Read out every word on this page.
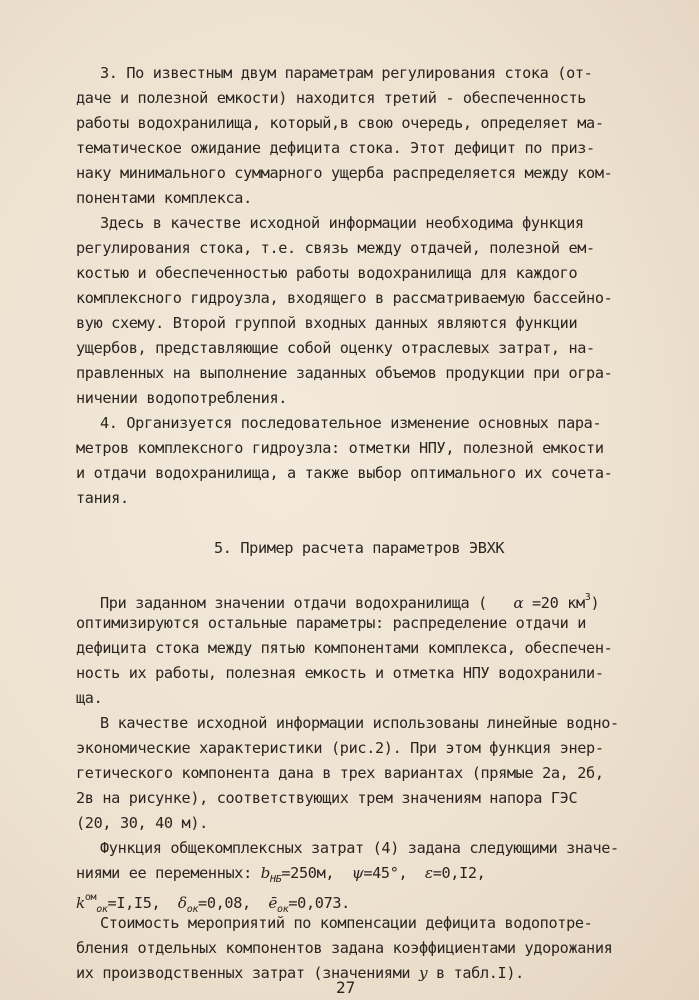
3. По известным двум параметрам регулирования стока (от-
даче и полезной емкости) находится третий - обеспеченность
работы водохранилища, который,в свою очередь, определяет ма-
тематическое ожидание дефицита стока. Этот дефицит по приз-
наку минимального суммарного ущерба распределяется между ком-
понентами комплекса.
Здесь в качестве исходной информации необходима функция
регулирования стока, т.е. связь между отдачей, полезной ем-
костью и обеспеченностью работы водохранилища для каждого
комплексного гидроузла, входящего в рассматриваемую бассейно-
вую схему. Второй группой входных данных являются функции
ущербов, представляющие собой оценку отраслевых затрат, на-
правленных на выполнение заданных объемов продукции при огра-
ничении водопотребления.
4. Организуется последовательное изменение основных пара-
метров комплексного гидроузла: отметки НПУ, полезной емкости
и отдачи водохранилища, а также выбор оптимального их сочета-
тания.
5. Пример расчета параметров ЭВХК
При заданном значении отдачи водохранилища ( α =20 $км^3$)
оптимизируются остальные параметры: распределение отдачи и
дефицита стока между пятью компонентами комплекса, обеспечен-
ность их работы, полезная емкость и отметка НПУ водохранили-
ща.
В качестве исходной информации использованы линейные водно-
экономические характеристики (рис.2). При этом функция энер-
гетического компонента дана в трех вариантах (прямые 2а, 2б,
2в на рисунке), соответствующих трем значениям напора ГЭС
(20, 30, 40 м).
Функция общекомплексных затрат (4) задана следующими значе-
ниями ее переменных: $b_{НБ}=250м$, ψ=45°, ε=0,I2,
$k^{ом}_{ок}=I,I5$, $\delta_{ок}=0,08$, $ē_{ок}=0,073$.
Стоимость мероприятий по компенсации дефицита водопотре-
бления отдельных компонентов задана коэффициентами удорожания
их производственных затрат (значениями y в табл.I).
27
